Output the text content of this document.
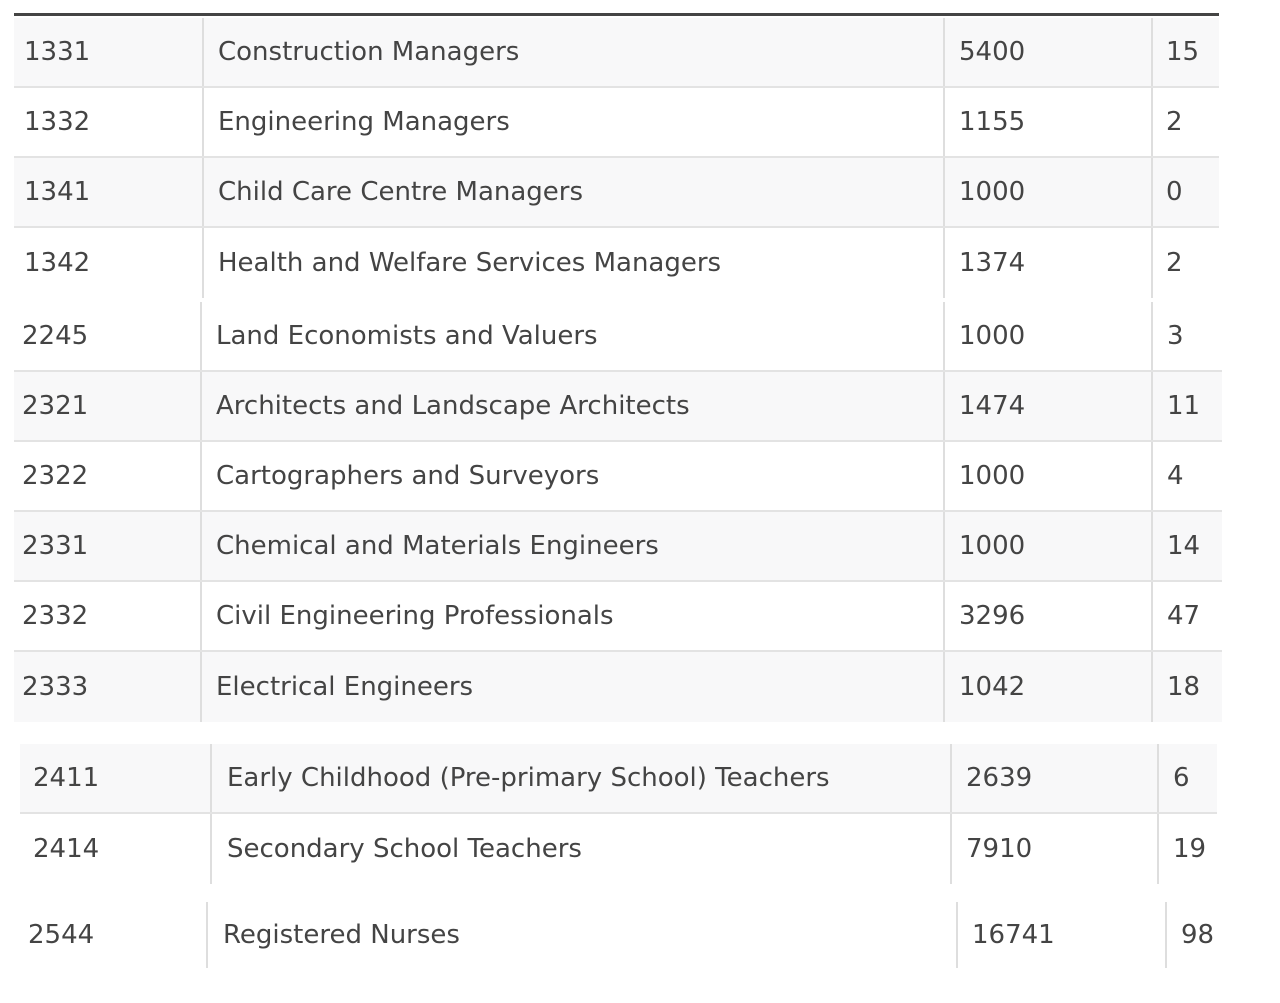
1331	Construction Managers	5400	15
1332	Engineering Managers	1155	2
1341	Child Care Centre Managers	1000	0
1342	Health and Welfare Services Managers	1374	2
2245	Land Economists and Valuers	1000	3
2321	Architects and Landscape Architects	1474	11
2322	Cartographers and Surveyors	1000	4
2331	Chemical and Materials Engineers	1000	14
2332	Civil Engineering Professionals	3296	47
2333	Electrical Engineers	1042	18
2411	Early Childhood (Pre-primary School) Teachers	2639	6
2414	Secondary School Teachers	7910	19
2544	Registered Nurses	16741	98
